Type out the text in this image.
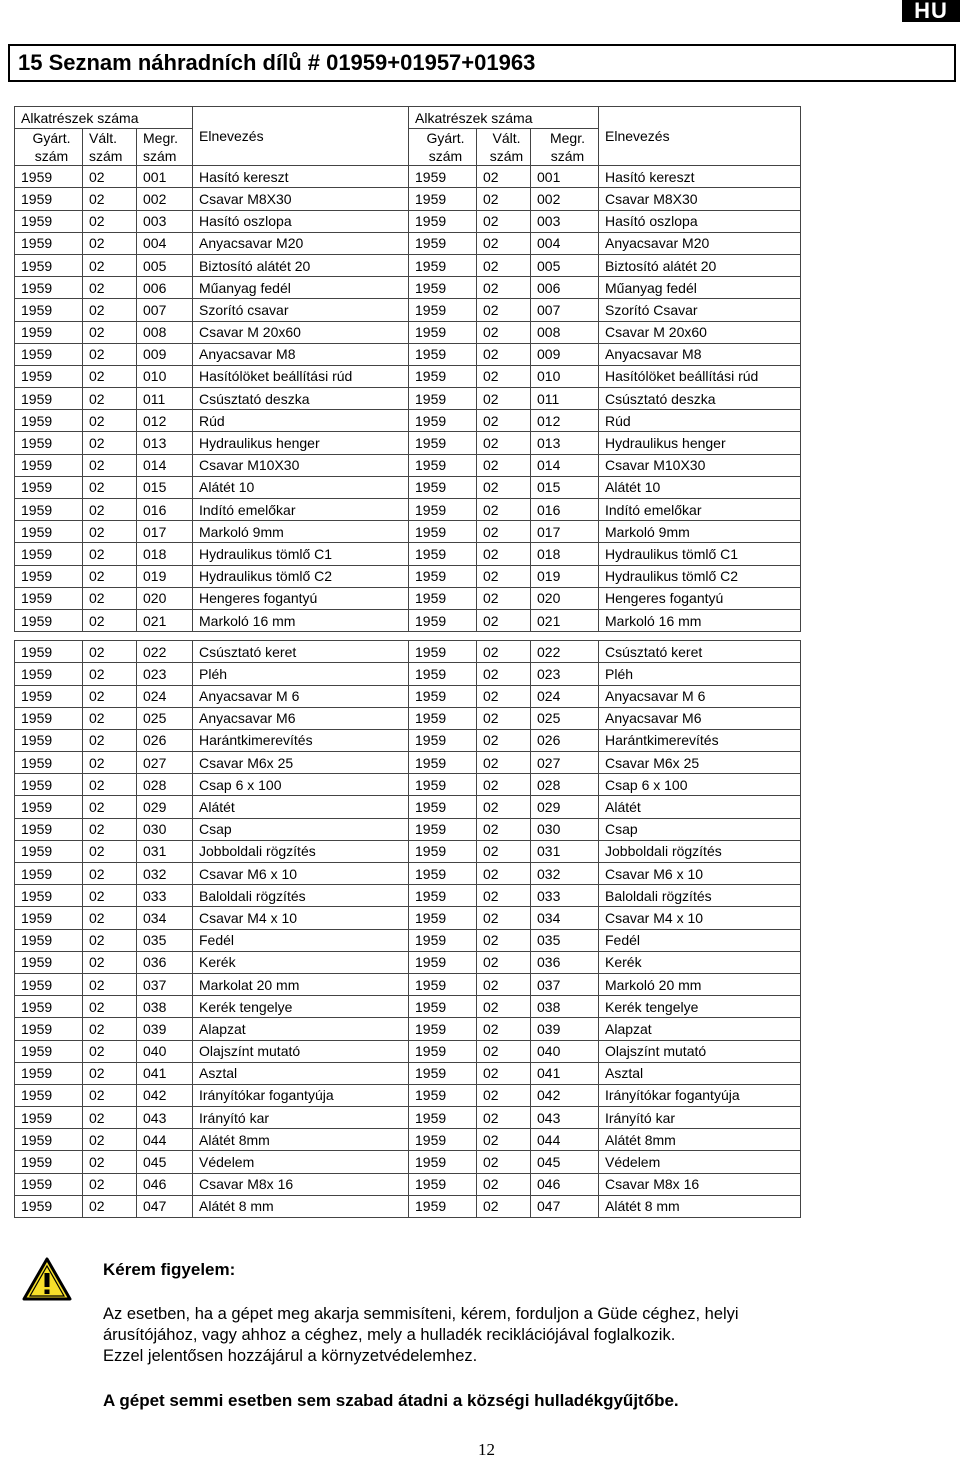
HU
15 Seznam náhradních dílů # 01959+01957+01963
Alkatrészek száma			Elnevezés	Alkatrészek száma			Elnevezés
Gyárt.
szám	Vált.
szám	Megr.
szám		Gyárt.
szám	Vált.
szám	Megr.
szám	
1959	02	001	Hasító kereszt	1959	02	001	Hasító kereszt
1959	02	002	Csavar M8X30	1959	02	002	Csavar M8X30
1959	02	003	Hasító oszlopa	1959	02	003	Hasító oszlopa
1959	02	004	Anyacsavar M20	1959	02	004	Anyacsavar M20
1959	02	005	Biztosító alátét 20	1959	02	005	Biztosító alátét 20
1959	02	006	Műanyag fedél	1959	02	006	Műanyag fedél
1959	02	007	Szorító csavar	1959	02	007	Szorító Csavar
1959	02	008	Csavar M 20x60	1959	02	008	Csavar M 20x60
1959	02	009	Anyacsavar M8	1959	02	009	Anyacsavar M8
1959	02	010	Hasítólöket beállítási rúd	1959	02	010	Hasítólöket beállítási rúd
1959	02	011	Csúsztató deszka	1959	02	011	Csúsztató deszka
1959	02	012	Rúd	1959	02	012	Rúd
1959	02	013	Hydraulikus henger	1959	02	013	Hydraulikus henger
1959	02	014	Csavar M10X30	1959	02	014	Csavar M10X30
1959	02	015	Alátét 10	1959	02	015	Alátét 10
1959	02	016	Indító emelőkar	1959	02	016	Indító emelőkar
1959	02	017	Markoló 9mm	1959	02	017	Markoló 9mm
1959	02	018	Hydraulikus tömlő C1	1959	02	018	Hydraulikus tömlő C1
1959	02	019	Hydraulikus tömlő C2	1959	02	019	Hydraulikus tömlő C2
1959	02	020	Hengeres fogantyú	1959	02	020	Hengeres fogantyú
1959	02	021	Markoló 16 mm	1959	02	021	Markoló 16 mm

1959	02	022	Csúsztató keret	1959	02	022	Csúsztató keret
1959	02	023	Pléh	1959	02	023	Pléh
1959	02	024	Anyacsavar M 6	1959	02	024	Anyacsavar M 6
1959	02	025	Anyacsavar M6	1959	02	025	Anyacsavar M6
1959	02	026	Harántkimerevítés	1959	02	026	Harántkimerevítés
1959	02	027	Csavar M6x 25	1959	02	027	Csavar M6x 25
1959	02	028	Csap 6 x 100	1959	02	028	Csap 6 x 100
1959	02	029	Alátét	1959	02	029	Alátét
1959	02	030	Csap	1959	02	030	Csap
1959	02	031	Jobboldali rögzítés	1959	02	031	Jobboldali rögzítés
1959	02	032	Csavar M6 x 10	1959	02	032	Csavar M6 x 10
1959	02	033	Baloldali rögzítés	1959	02	033	Baloldali rögzítés
1959	02	034	Csavar M4 x 10	1959	02	034	Csavar M4 x 10
1959	02	035	Fedél	1959	02	035	Fedél
1959	02	036	Kerék	1959	02	036	Kerék
1959	02	037	Markolat 20 mm	1959	02	037	Markoló 20 mm
1959	02	038	Kerék tengelye	1959	02	038	Kerék tengelye
1959	02	039	Alapzat	1959	02	039	Alapzat
1959	02	040	Olajszínt mutató	1959	02	040	Olajszínt mutató
1959	02	041	Asztal	1959	02	041	Asztal
1959	02	042	Irányítókar fogantyúja	1959	02	042	Irányítókar fogantyúja
1959	02	043	Irányító kar	1959	02	043	Irányító kar
1959	02	044	Alátét 8mm	1959	02	044	Alátét 8mm
1959	02	045	Védelem	1959	02	045	Védelem
1959	02	046	Csavar M8x 16	1959	02	046	Csavar M8x 16
1959	02	047	Alátét 8 mm	1959	02	047	Alátét 8 mm
Kérem figyelem:
Az esetben, ha a gépet meg akarja semmisíteni, kérem, forduljon a Güde céghez, helyi
árusítójához, vagy ahhoz a céghez, mely a hulladék reciklációjával foglalkozik.
Ezzel jelentősen hozzájárul a környzetvédelemhez.
A gépet semmi esetben sem szabad átadni a községi hulladékgyűjtőbe.
12
